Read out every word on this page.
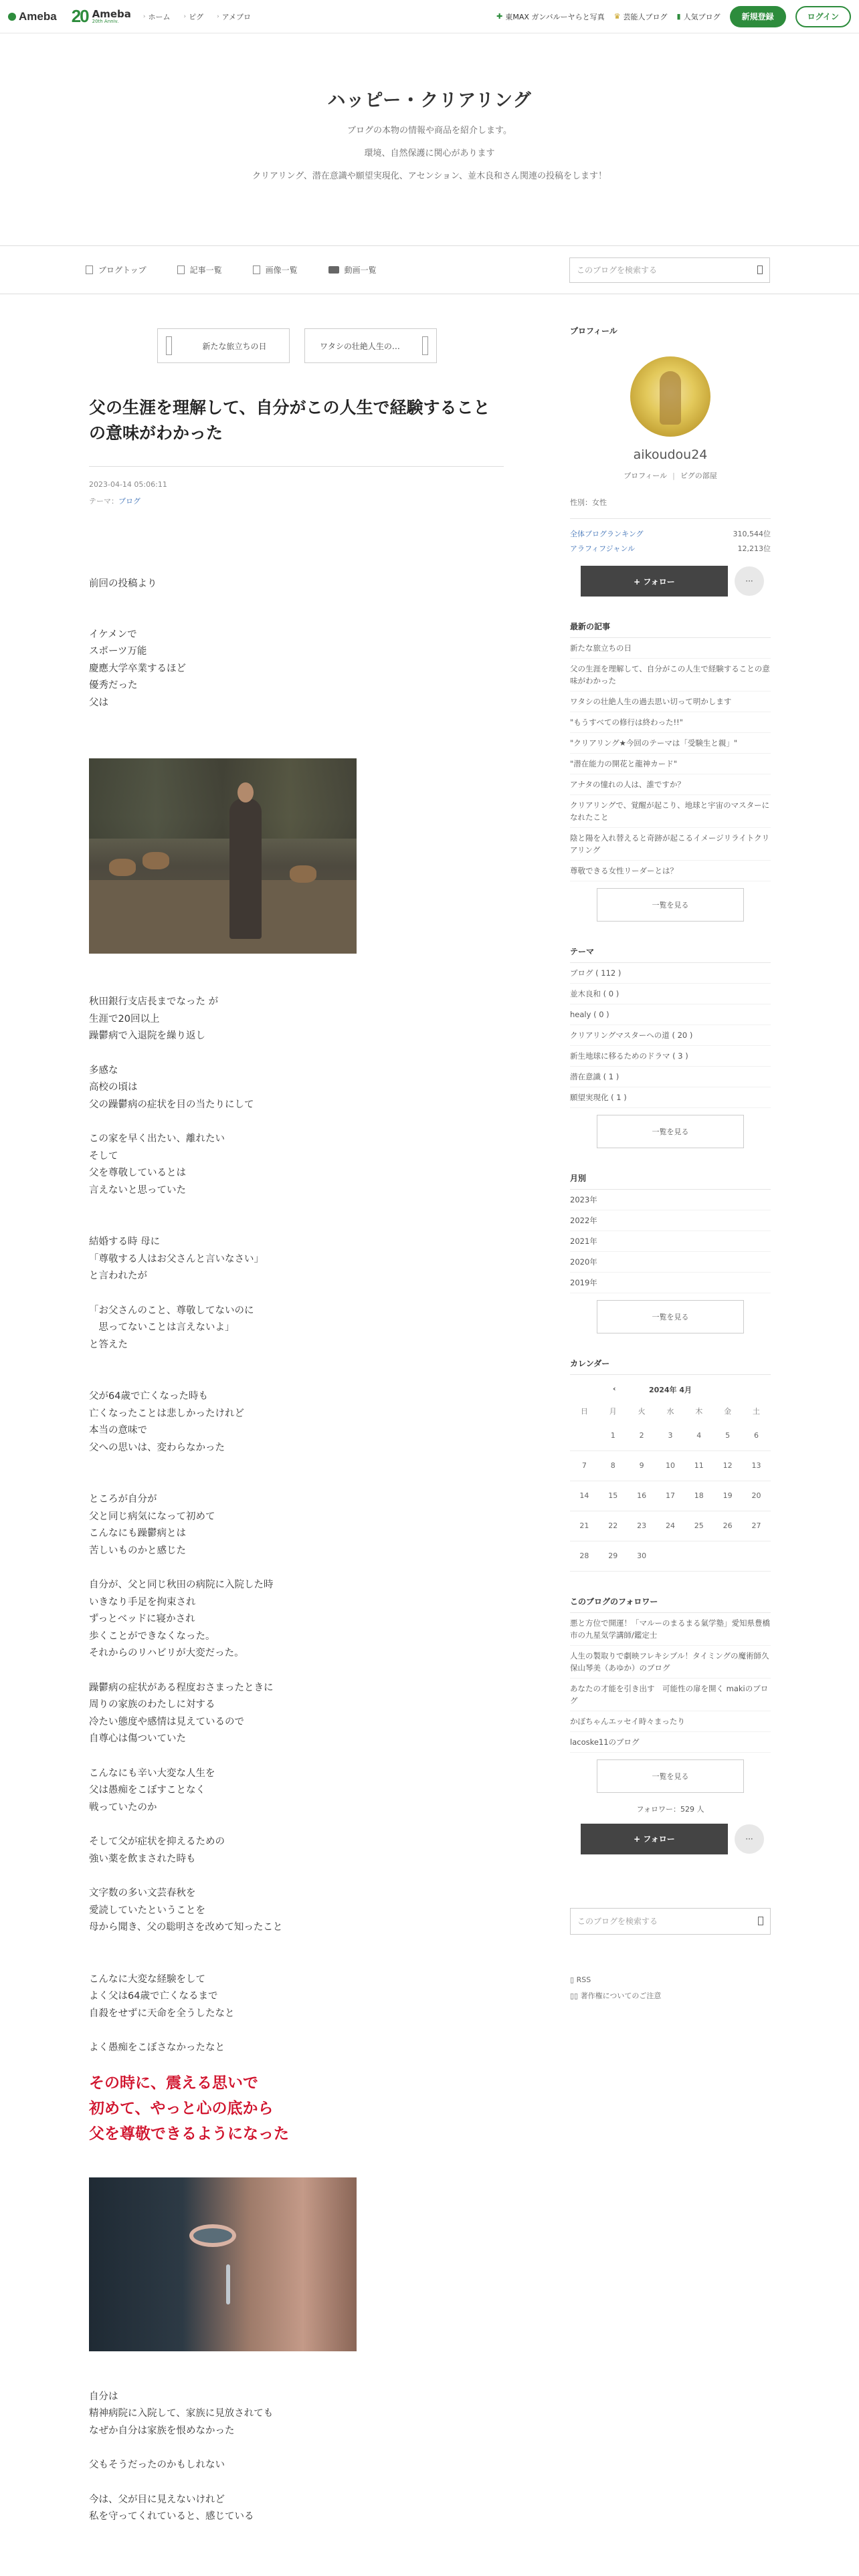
Ameba 20 Ameba
20th Anniv.
› ホーム › ピグ › アメブロ	✚ 東MAX ガンバルーヤらと写真 ♛ 芸能人ブログ ▮ 人気ブログ	新規登録	ログイン
ハッピー・クリアリング
ブログの本物の情報や商品を紹介します。
環境、自然保護に関心があります
クリアリング、潜在意識や願望実現化、アセンション、並木良和さん関連の投稿をします！
ブログトップ	記事一覧	画像一覧	動画一覧	このブログを検索する
新たな旅立ちの日	ワタシの壮絶人生の…
父の生涯を理解して、自分がこの人生で経験することの意味がわかった
2023-04-14 05:06:11
テーマ：ブログ

前回の投稿より

イケメンで
スポーツ万能
慶應大学卒業するほど
優秀だった
父は

秋田銀行支店長までなった が
生涯で20回以上
躁鬱病で入退院を繰り返し

多感な
高校の頃は
父の躁鬱病の症状を目の当たりにして

この家を早く出たい、離れたい
そして
父を尊敬しているとは
言えないと思っていた

結婚する時 母に
「尊敬する人はお父さんと言いなさい」
と言われたが

「お父さんのこと、尊敬してないのに
　思ってないことは言えないよ」
と答えた

父が64歳で亡くなった時も
亡くなったことは悲しかったけれど
本当の意味で
父への思いは、変わらなかった

ところが自分が
父と同じ病気になって初めて
こんなにも躁鬱病とは
苦しいものかと感じた

自分が、父と同じ秋田の病院に入院した時
いきなり手足を拘束され
ずっとベッドに寝かされ
歩くことができなくなった。
それからのリハビリが大変だった。

躁鬱病の症状がある程度おさまったときに
周りの家族のわたしに対する
冷たい態度や感情は見えているので
自尊心は傷ついていた

こんなにも辛い大変な人生を
父は愚痴をこぼすことなく
戦っていたのか

そして父が症状を抑えるための
強い薬を飲まされた時も

文字数の多い文芸春秋を
愛読していたということを
母から聞き、父の聡明さを改めて知ったこと

こんなに大変な経験をして
よく父は64歳で亡くなるまで
自殺をせずに天命を全うしたなと

よく愚痴をこぼさなかったなと

その時に、震える思いで
初めて、やっと心の底から
父を尊敬できるようになった

自分は
精神病院に入院して、家族に見放されても
なぜか自分は家族を恨めなかった

父もそうだったのかもしれない

今は、父が目に見えないけれど
私を守ってくれていると、感じている

プロフィール
aikoudou24
プロフィール | ピグの部屋
性別：女性
全体ブログランキング	310,544位
アラフィフジャンル	12,213位
+ フォロー	···
最新の記事
新たな旅立ちの日
父の生涯を理解して、自分がこの人生で経験することの意味がわかった
ワタシの壮絶人生の過去思い切って明かします
"もうすべての修行は終わった!!"
"クリアリング★今回のテーマは「受験生と親」"
"潜在能力の開花と龍神カード"
アナタの憧れの人は、誰ですか？
クリアリングで、覚醒が起こり、地球と宇宙のマスターになれたこと
陰と陽を入れ替えると奇跡が起こるイメージリライトクリアリング
尊敬できる女性リーダーとは？
一覧を見る
テーマ
ブログ ( 112 )
並木良和 ( 0 )
healy ( 0 )
クリアリングマスターへの道 ( 20 )
新生地球に移るためのドラマ ( 3 )
潜在意識 ( 1 )
願望実現化 ( 1 )
一覧を見る
月別
2023年
2022年
2021年
2020年
2019年
一覧を見る
カレンダー
‹	2024年 4月
日	月	火	水	木	金	土
	1	2	3	4	5	6
7	8	9	10	11	12	13
14	15	16	17	18	19	20
21	22	23	24	25	26	27
28	29	30				
このブログのフォロワー
悪と方位で開運！「マルーのまるまる氣学塾」愛知県豊橋市の九星気学講師/鑑定士
人生の製取りで劇映フレキシブル！タイミングの魔術師久保山琴美（あゆか）のブログ
あなたの才能を引き出す　可能性の扉を開く makiのブログ
かぼちゃんエッセイ時々まったり
lacoske11のブログ
一覧を見る
フォロワー：529 人
+ フォロー	···
このブログを検索する
▯ RSS
▯▯ 著作権についてのご注意
